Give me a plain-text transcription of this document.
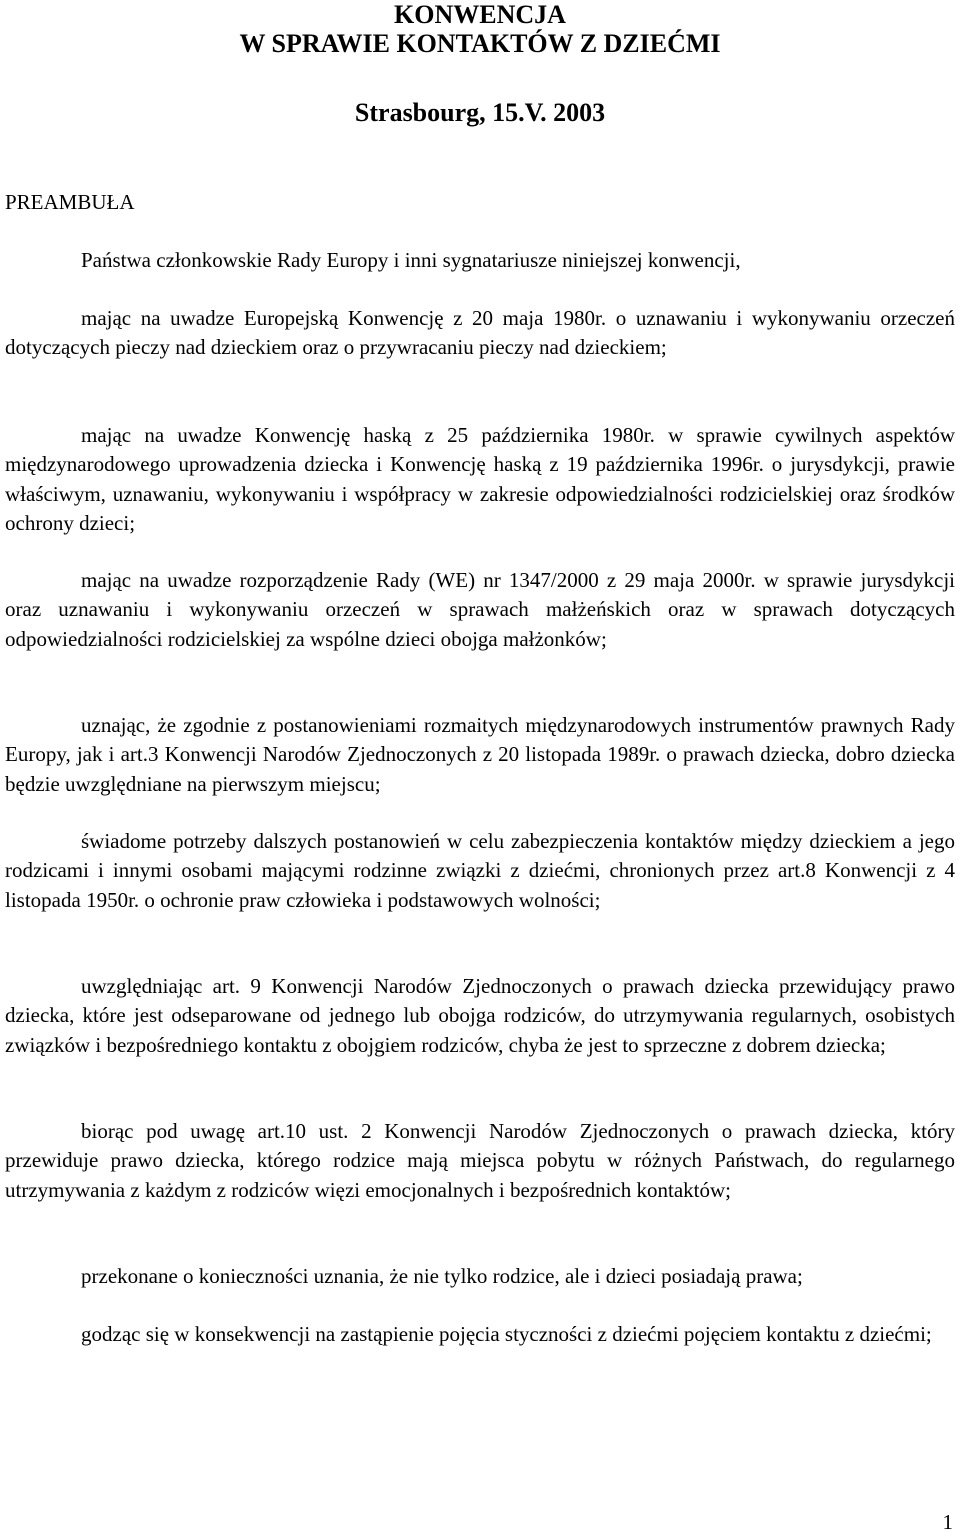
KONWENCJA
W SPRAWIE KONTAKTÓW Z DZIEĆMI
Strasbourg, 15.V. 2003
PREAMBUŁA

Państwa członkowskie Rady Europy i inni sygnatariusze niniejszej konwencji,

mając na uwadze Europejską Konwencję z 20 maja 1980r. o uznawaniu i wykonywaniu orzeczeń dotyczących pieczy nad dzieckiem oraz o przywracaniu pieczy nad dzieckiem;

mając na uwadze Konwencję haską z 25 października 1980r. w sprawie cywilnych aspektów międzynarodowego uprowadzenia dziecka i Konwencję haską z 19 października 1996r. o jurysdykcji, prawie właściwym, uznawaniu, wykonywaniu i współpracy w zakresie odpowiedzialności rodzicielskiej oraz środków ochrony dzieci;

mając na uwadze rozporządzenie Rady (WE) nr 1347/2000 z 29 maja 2000r. w sprawie jurysdykcji oraz uznawaniu i wykonywaniu orzeczeń w sprawach małżeńskich oraz w sprawach dotyczących odpowiedzialności rodzicielskiej za wspólne dzieci obojga małżonków;

uznając, że zgodnie z postanowieniami rozmaitych międzynarodowych instrumentów prawnych Rady Europy, jak i art.3 Konwencji Narodów Zjednoczonych z 20 listopada 1989r. o prawach dziecka, dobro dziecka będzie uwzględniane na pierwszym miejscu;

świadome potrzeby dalszych postanowień w celu zabezpieczenia kontaktów między dzieckiem a jego rodzicami i innymi osobami mającymi rodzinne związki z dziećmi, chronionych przez art.8 Konwencji z 4 listopada 1950r. o ochronie praw człowieka i podstawowych wolności;

uwzględniając art. 9 Konwencji Narodów Zjednoczonych o prawach dziecka przewidujący prawo dziecka, które jest odseparowane od jednego lub obojga rodziców, do utrzymywania regularnych, osobistych związków i bezpośredniego kontaktu z obojgiem rodziców, chyba że jest to sprzeczne z dobrem dziecka;

biorąc pod uwagę art.10 ust. 2 Konwencji Narodów Zjednoczonych o prawach dziecka, który przewiduje prawo dziecka, którego rodzice mają miejsca pobytu w różnych Państwach, do regularnego utrzymywania z każdym z rodziców więzi emocjonalnych i bezpośrednich kontaktów;

przekonane o konieczności uznania, że nie tylko rodzice, ale i dzieci posiadają prawa;

godząc się w konsekwencji na zastąpienie pojęcia styczności z dziećmi pojęciem kontaktu z dziećmi;

1
